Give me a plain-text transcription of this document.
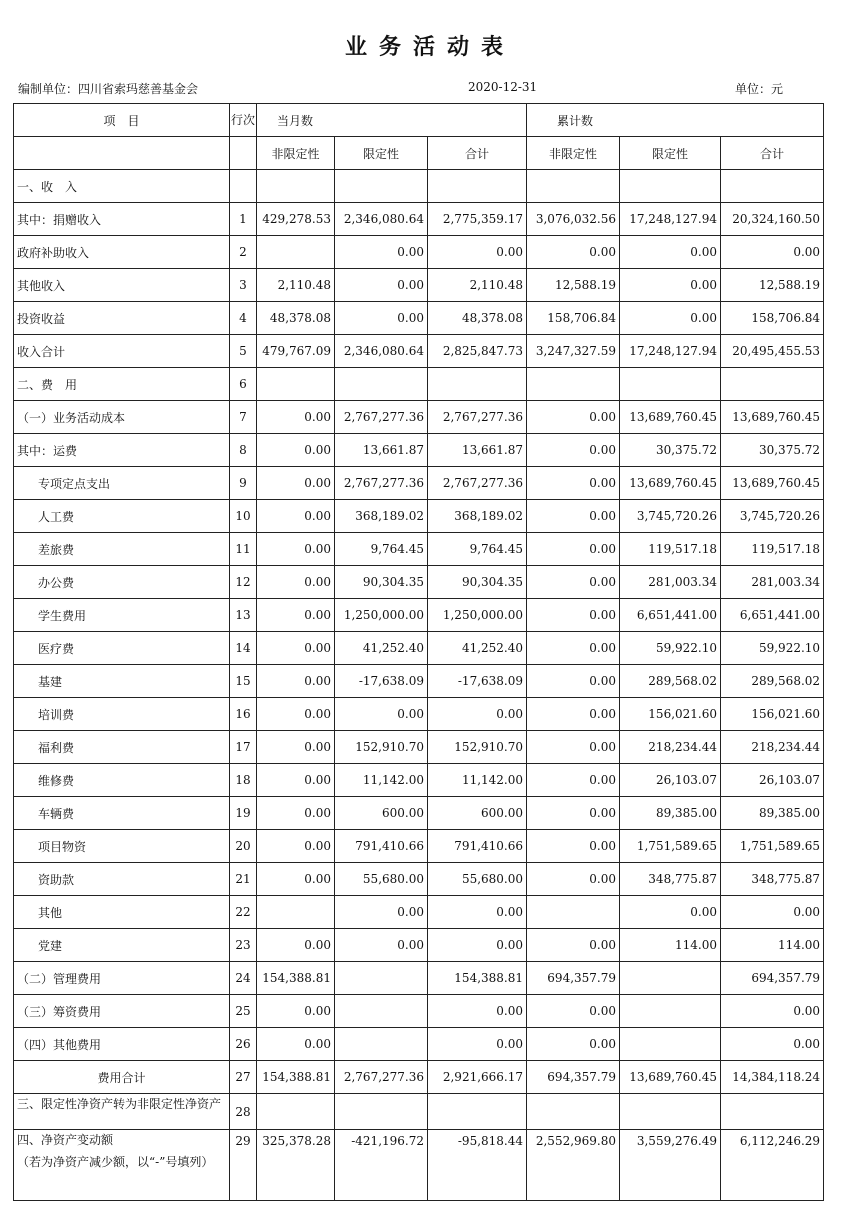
业务活动表
编制单位：四川省索玛慈善基金会	2020-12-31	单位：元
项　目	行次	当月数			累计数		
		非限定性	限定性	合计	非限定性	限定性	合计
一、收　入							
其中：捐赠收入	1	429,278.53	2,346,080.64	2,775,359.17	3,076,032.56	17,248,127.94	20,324,160.50
政府补助收入	2		0.00	0.00	0.00	0.00	0.00
其他收入	3	2,110.48	0.00	2,110.48	12,588.19	0.00	12,588.19
投资收益	4	48,378.08	0.00	48,378.08	158,706.84	0.00	158,706.84
收入合计	5	479,767.09	2,346,080.64	2,825,847.73	3,247,327.59	17,248,127.94	20,495,455.53
二、费　用	6						
（一）业务活动成本	7	0.00	2,767,277.36	2,767,277.36	0.00	13,689,760.45	13,689,760.45
其中：运费	8	0.00	13,661.87	13,661.87	0.00	30,375.72	30,375.72
专项定点支出	9	0.00	2,767,277.36	2,767,277.36	0.00	13,689,760.45	13,689,760.45
人工费	10	0.00	368,189.02	368,189.02	0.00	3,745,720.26	3,745,720.26
差旅费	11	0.00	9,764.45	9,764.45	0.00	119,517.18	119,517.18
办公费	12	0.00	90,304.35	90,304.35	0.00	281,003.34	281,003.34
学生费用	13	0.00	1,250,000.00	1,250,000.00	0.00	6,651,441.00	6,651,441.00
医疗费	14	0.00	41,252.40	41,252.40	0.00	59,922.10	59,922.10
基建	15	0.00	-17,638.09	-17,638.09	0.00	289,568.02	289,568.02
培训费	16	0.00	0.00	0.00	0.00	156,021.60	156,021.60
福利费	17	0.00	152,910.70	152,910.70	0.00	218,234.44	218,234.44
维修费	18	0.00	11,142.00	11,142.00	0.00	26,103.07	26,103.07
车辆费	19	0.00	600.00	600.00	0.00	89,385.00	89,385.00
项目物资	20	0.00	791,410.66	791,410.66	0.00	1,751,589.65	1,751,589.65
资助款	21	0.00	55,680.00	55,680.00	0.00	348,775.87	348,775.87
其他	22		0.00	0.00		0.00	0.00
党建	23	0.00	0.00	0.00	0.00	114.00	114.00
（二）管理费用	24	154,388.81		154,388.81	694,357.79		694,357.79
（三）筹资费用	25	0.00		0.00	0.00		0.00
（四）其他费用	26	0.00		0.00	0.00		0.00
费用合计	27	154,388.81	2,767,277.36	2,921,666.17	694,357.79	13,689,760.45	14,384,118.24
三、限定性净资产转为非限定性净资产	28						
四、净资产变动额
（若为净资产减少额，以“-”号填列）	29	325,378.28	-421,196.72	-95,818.44	2,552,969.80	3,559,276.49	6,112,246.29
